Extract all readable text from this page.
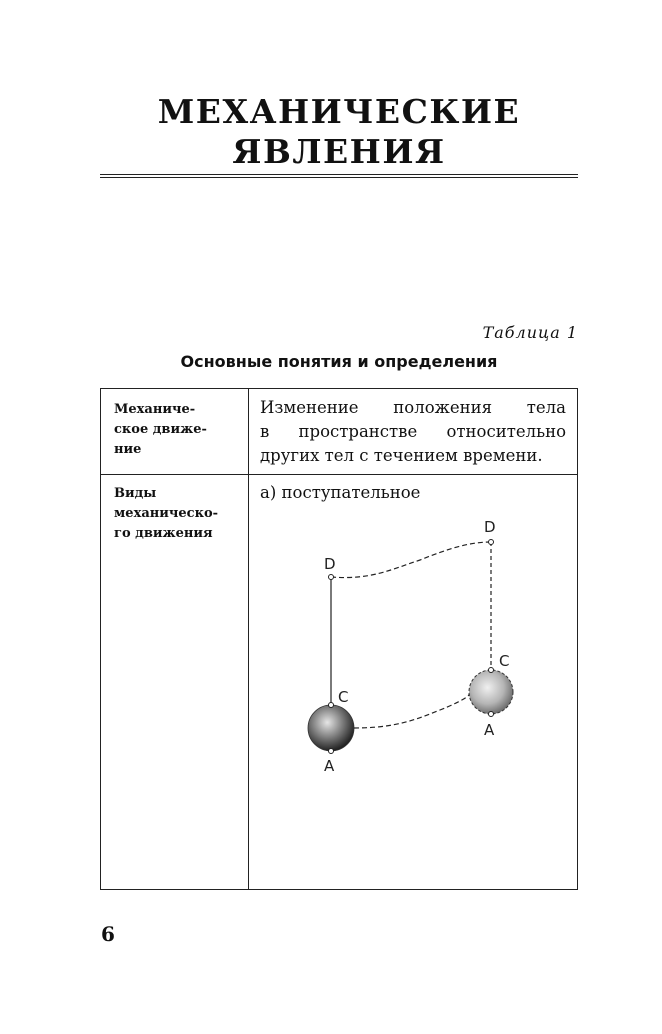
МЕХАНИЧЕСКИЕ
ЯВЛЕНИЯ
Таблица 1
Основные понятия и определения
Механиче-
ское движе-
ние
Изменение положения тела
в пространстве относительно
других тел с течением времени.
Виды
механическо-
го движения
а) поступательное
D
C
A
D
C
A
6
